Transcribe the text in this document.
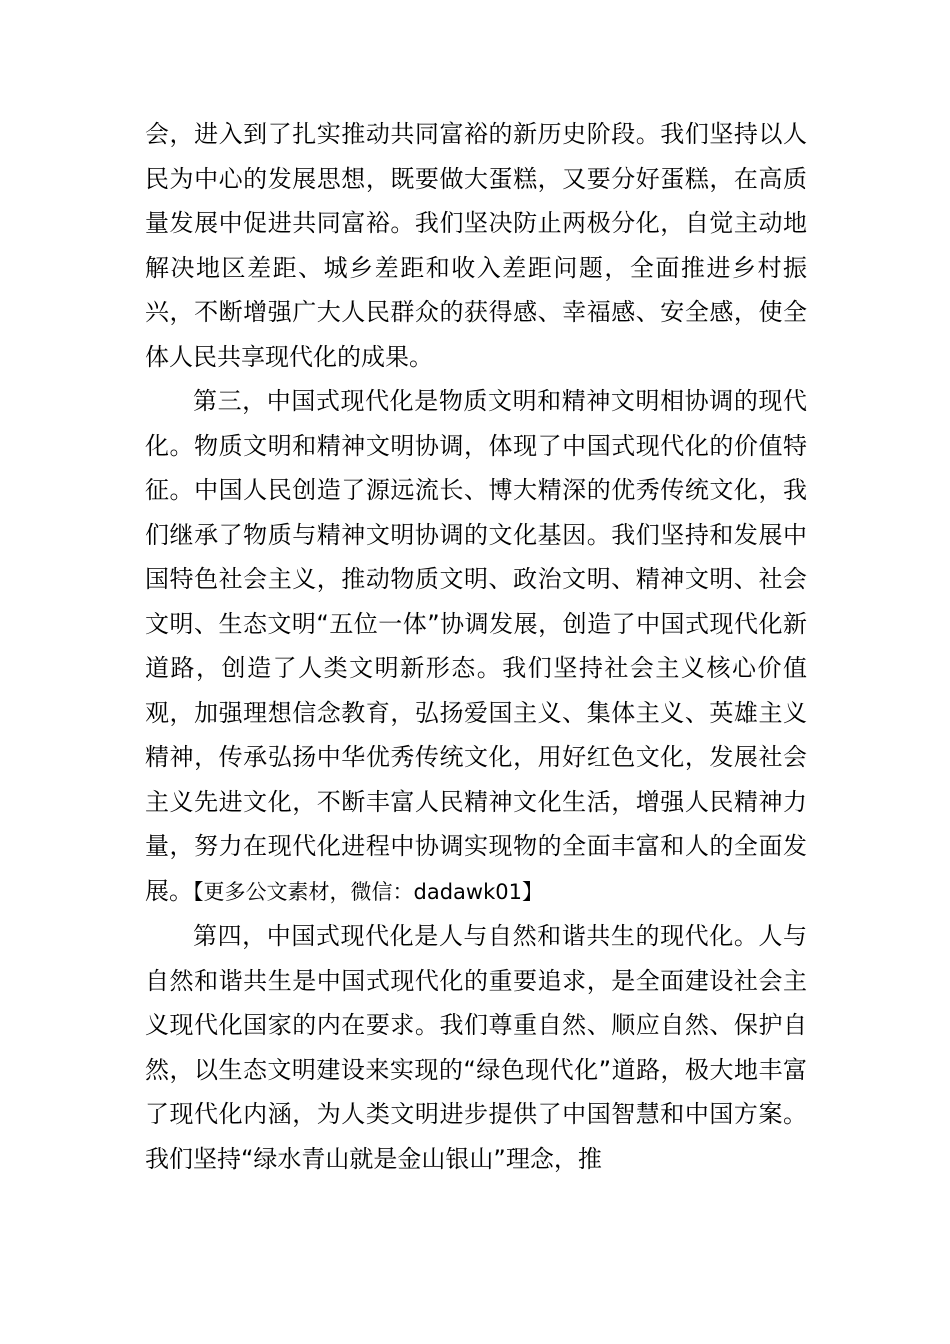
会，进入到了扎实推动共同富裕的新历史阶段。我们坚持以人民为中心的发展思想，既要做大蛋糕，又要分好蛋糕，在高质量发展中促进共同富裕。我们坚决防止两极分化，自觉主动地解决地区差距、城乡差距和收入差距问题，全面推进乡村振兴，不断增强广大人民群众的获得感、幸福感、安全感，使全体人民共享现代化的成果。

第三，中国式现代化是物质文明和精神文明相协调的现代化。物质文明和精神文明协调，体现了中国式现代化的价值特征。中国人民创造了源远流长、博大精深的优秀传统文化，我们继承了物质与精神文明协调的文化基因。我们坚持和发展中国特色社会主义，推动物质文明、政治文明、精神文明、社会文明、生态文明“五位一体”协调发展，创造了中国式现代化新道路，创造了人类文明新形态。我们坚持社会主义核心价值观，加强理想信念教育，弘扬爱国主义、集体主义、英雄主义精神，传承弘扬中华优秀传统文化，用好红色文化，发展社会主义先进文化，不断丰富人民精神文化生活，增强人民精神力量，努力在现代化进程中协调实现物的全面丰富和人的全面发展。【更多公文素材，微信：dadawk01】

第四，中国式现代化是人与自然和谐共生的现代化。人与自然和谐共生是中国式现代化的重要追求，是全面建设社会主义现代化国家的内在要求。我们尊重自然、顺应自然、保护自然，以生态文明建设来实现的“绿色现代化”道路，极大地丰富了现代化内涵，为人类文明进步提供了中国智慧和中国方案。我们坚持“绿水青山就是金山银山”理念，推
